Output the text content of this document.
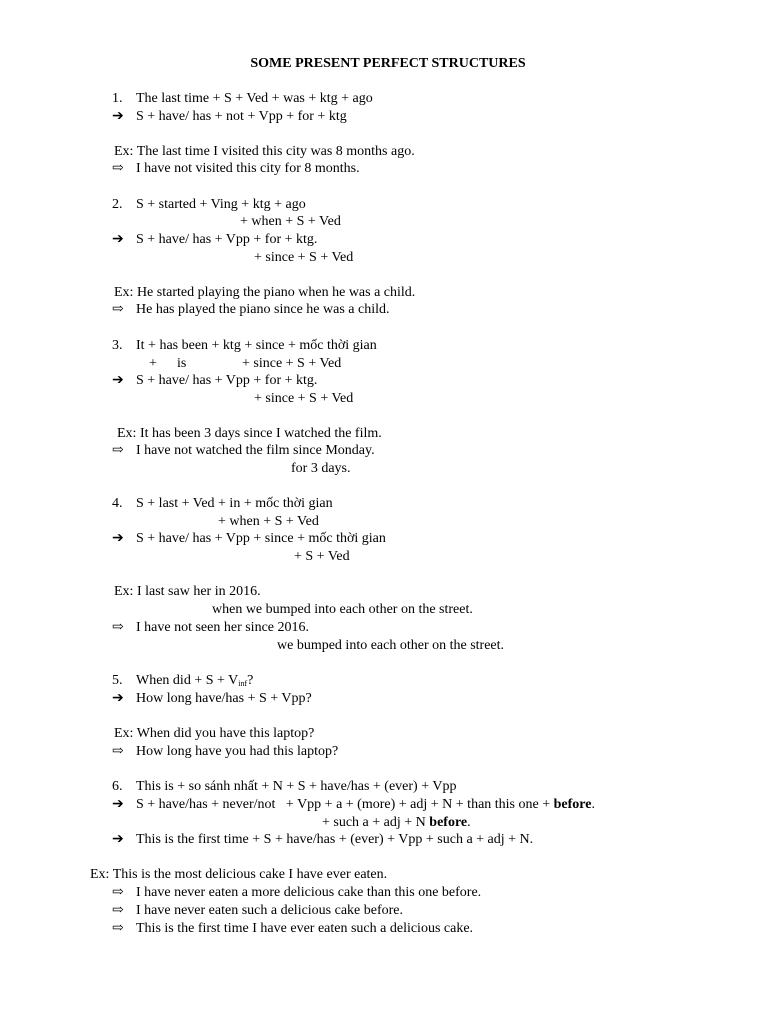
SOME PRESENT PERFECT STRUCTURES
1. The last time + S + Ved + was + ktg + ago
➔ S + have/ has + not + Vpp + for + ktg
Ex: The last time I visited this city was 8 months ago.
⇨ I have not visited this city for 8 months.
2. S + started + Ving + ktg + ago
+ when + S + Ved
➔ S + have/ has + Vpp + for + ktg.
+ since + S + Ved
Ex: He started playing the piano when he was a child.
⇨ He has played the piano since he was a child.
3. It + has been + ktg + since + mốc thời gian
+ is	+ since + S + Ved
➔ S + have/ has + Vpp + for + ktg.
+ since + S + Ved
Ex: It has been 3 days since I watched the film.
⇨ I have not watched the film since Monday.
for 3 days.
4. S + last + Ved + in + mốc thời gian
+ when + S + Ved
➔ S + have/ has + Vpp + since + mốc thời gian
+ S + Ved
Ex: I last saw her in 2016.
when we bumped into each other on the street.
⇨ I have not seen her since 2016.
we bumped into each other on the street.
5. When did + $S + V_{inf}$?
➔ How long have/has + S + Vpp?
Ex: When did you have this laptop?
⇨ How long have you had this laptop?
6. This is + so sánh nhất + N + S + have/has + (ever) + Vpp
➔ S + have/has + never/not   + Vpp + a + (more) + adj + N + than this one + before.
+ such a + adj + N before.
➔ This is the first time + S + have/has + (ever) + Vpp + such a + adj + N.
Ex: This is the most delicious cake I have ever eaten.
⇨ I have never eaten a more delicious cake than this one before.
⇨ I have never eaten such a delicious cake before.
⇨ This is the first time I have ever eaten such a delicious cake.
